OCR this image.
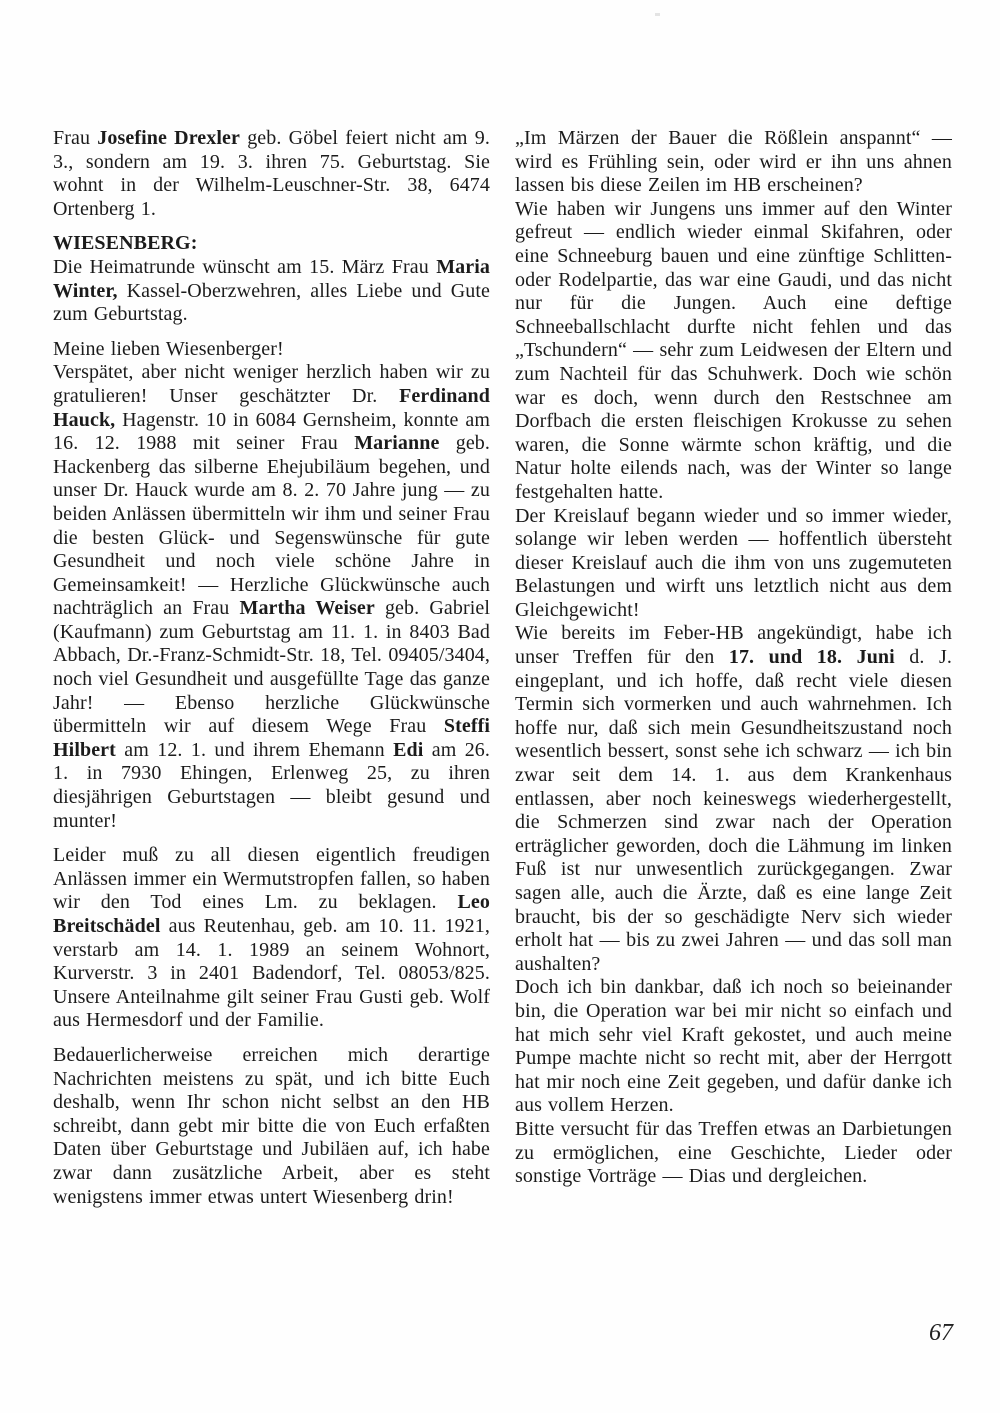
Frau Josefine Drexler geb. Göbel feiert nicht am 9. 3., sondern am 19. 3. ihren 75. Geburtstag. Sie wohnt in der Wilhelm-Leuschner-Str. 38, 6474 Ortenberg 1.

WIESENBERG:

Die Heimatrunde wünscht am 15. März Frau Maria Winter, Kassel-Oberzwehren, alles Liebe und Gute zum Geburtstag.

Meine lieben Wiesenberger!

Verspätet, aber nicht weniger herzlich haben wir zu gratulieren! Unser geschätzter Dr. Ferdinand Hauck, Hagenstr. 10 in 6084 Gernsheim, konnte am 16. 12. 1988 mit seiner Frau Marianne geb. Hackenberg das silberne Ehejubiläum begehen, und unser Dr. Hauck wurde am 8. 2. 70 Jahre jung — zu beiden Anlässen übermitteln wir ihm und seiner Frau die besten Glück- und Segenswünsche für gute Gesundheit und noch viele schöne Jahre in Gemeinsamkeit! — Herzliche Glückwünsche auch nachträglich an Frau Martha Weiser geb. Gabriel (Kaufmann) zum Geburtstag am 11. 1. in 8403 Bad Abbach, Dr.-Franz-Schmidt-Str. 18, Tel. 09405/3404, noch viel Gesundheit und ausgefüllte Tage das ganze Jahr! — Ebenso herzliche Glückwünsche übermitteln wir auf diesem Wege Frau Steffi Hilbert am 12. 1. und ihrem Ehemann Edi am 26. 1. in 7930 Ehingen, Erlenweg 25, zu ihren diesjährigen Geburtstagen — bleibt gesund und munter!

Leider muß zu all diesen eigentlich freudigen Anlässen immer ein Wermutstropfen fallen, so haben wir den Tod eines Lm. zu beklagen. Leo Breitschädel aus Reutenhau, geb. am 10. 11. 1921, verstarb am 14. 1. 1989 an seinem Wohnort, Kurverstr. 3 in 2401 Badendorf, Tel. 08053/825. Unsere Anteilnahme gilt seiner Frau Gusti geb. Wolf aus Hermesdorf und der Familie.

Bedauerlicherweise erreichen mich derartige Nachrichten meistens zu spät, und ich bitte Euch deshalb, wenn Ihr schon nicht selbst an den HB schreibt, dann gebt mir bitte die von Euch erfaßten Daten über Geburtstage und Jubiläen auf, ich habe zwar dann zusätzliche Arbeit, aber es steht wenigstens immer etwas untert Wiesenberg drin!

„Im Märzen der Bauer die Rößlein anspannt“ — wird es Frühling sein, oder wird er ihn uns ahnen lassen bis diese Zeilen im HB erscheinen?

Wie haben wir Jungens uns immer auf den Winter gefreut — endlich wieder einmal Skifahren, oder eine Schneeburg bauen und eine zünftige Schlitten- oder Rodelpartie, das war eine Gaudi, und das nicht nur für die Jungen. Auch eine deftige Schneeballschlacht durfte nicht fehlen und das „Tschundern“ — sehr zum Leidwesen der Eltern und zum Nachteil für das Schuhwerk. Doch wie schön war es doch, wenn durch den Restschnee am Dorfbach die ersten fleischigen Krokusse zu sehen waren, die Sonne wärmte schon kräftig, und die Natur holte eilends nach, was der Winter so lange festgehalten hatte.

Der Kreislauf begann wieder und so immer wieder, solange wir leben werden — hoffentlich übersteht dieser Kreislauf auch die ihm von uns zugemuteten Belastungen und wirft uns letztlich nicht aus dem Gleichgewicht!

Wie bereits im Feber-HB angekündigt, habe ich unser Treffen für den 17. und 18. Juni d. J. eingeplant, und ich hoffe, daß recht viele diesen Termin sich vormerken und auch wahrnehmen. Ich hoffe nur, daß sich mein Gesundheitszustand noch wesentlich bessert, sonst sehe ich schwarz — ich bin zwar seit dem 14. 1. aus dem Krankenhaus entlassen, aber noch keineswegs wiederhergestellt, die Schmerzen sind zwar nach der Operation erträglicher geworden, doch die Lähmung im linken Fuß ist nur unwesentlich zurückgegangen. Zwar sagen alle, auch die Ärzte, daß es eine lange Zeit braucht, bis der so geschädigte Nerv sich wieder erholt hat — bis zu zwei Jahren — und das soll man aushalten?

Doch ich bin dankbar, daß ich noch so beieinander bin, die Operation war bei mir nicht so einfach und hat mich sehr viel Kraft gekostet, und auch meine Pumpe machte nicht so recht mit, aber der Herrgott hat mir noch eine Zeit gegeben, und dafür danke ich aus vollem Herzen.

Bitte versucht für das Treffen etwas an Darbietungen zu ermöglichen, eine Geschichte, Lieder oder sonstige Vorträge — Dias und dergleichen.

67
